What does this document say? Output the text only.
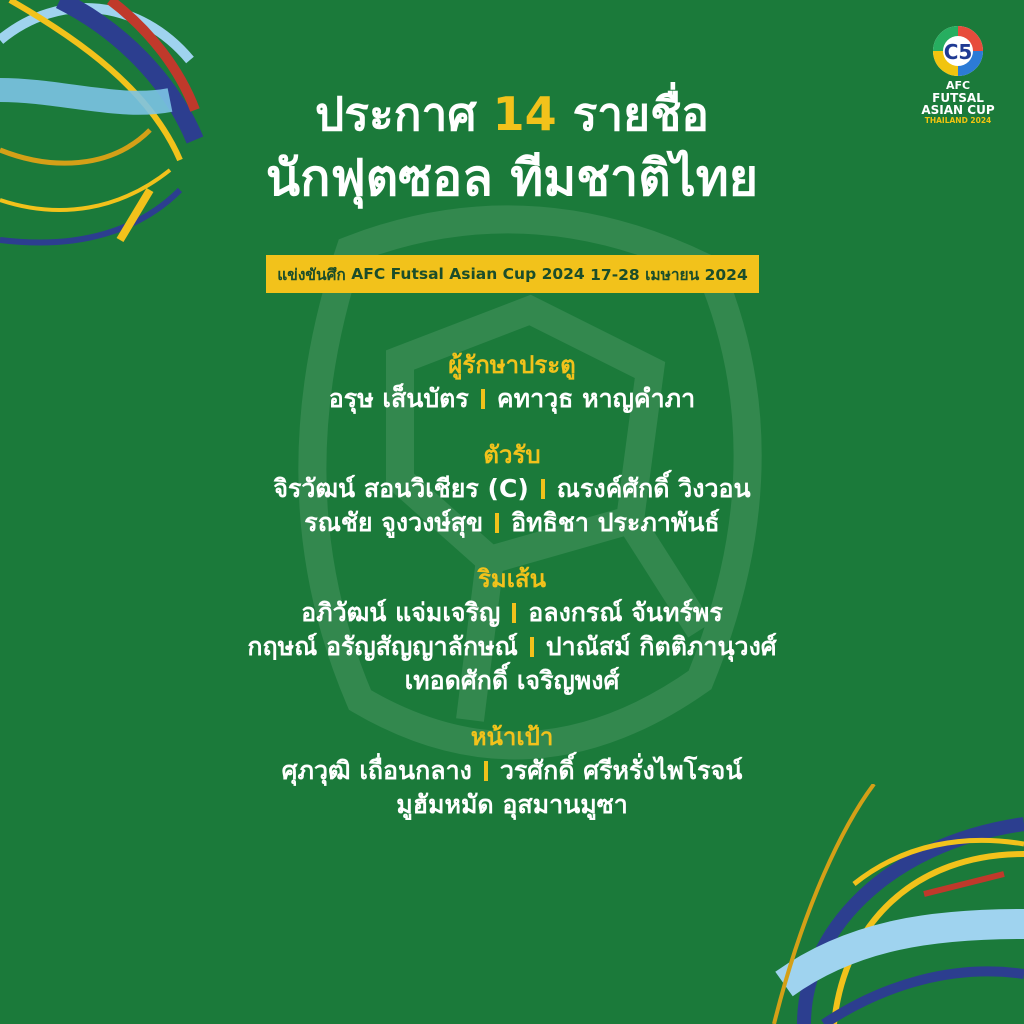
C5
AFC
FUTSAL
ASIAN CUP
THAILAND 2024
ประกาศ 14 รายชื่อ
นักฟุตซอล ทีมชาติไทย
แข่งขันศึก
AFC Futsal Asian Cup 2024
17-28 เมษายน 2024
ผู้รักษาประตู
อรุษ เส็นบัตร คทาวุธ หาญคำภา
ตัวรับ
จิรวัฒน์ สอนวิเชียร (C) ณรงค์ศักดิ์ วิงวอน
รณชัย จูงวงษ์สุข อิทธิชา ประภาพันธ์
ริมเส้น
อภิวัฒน์ แจ่มเจริญ อลงกรณ์ จันทร์พร
กฤษณ์ อรัญสัญญาลักษณ์ ปาณัสม์ กิตติภานุวงศ์
เทอดศักดิ์ เจริญพงศ์
หน้าเป้า
ศุภวุฒิ เถื่อนกลาง วรศักดิ์ ศรีหรั่งไพโรจน์
มูฮัมหมัด อุสมานมูซา
